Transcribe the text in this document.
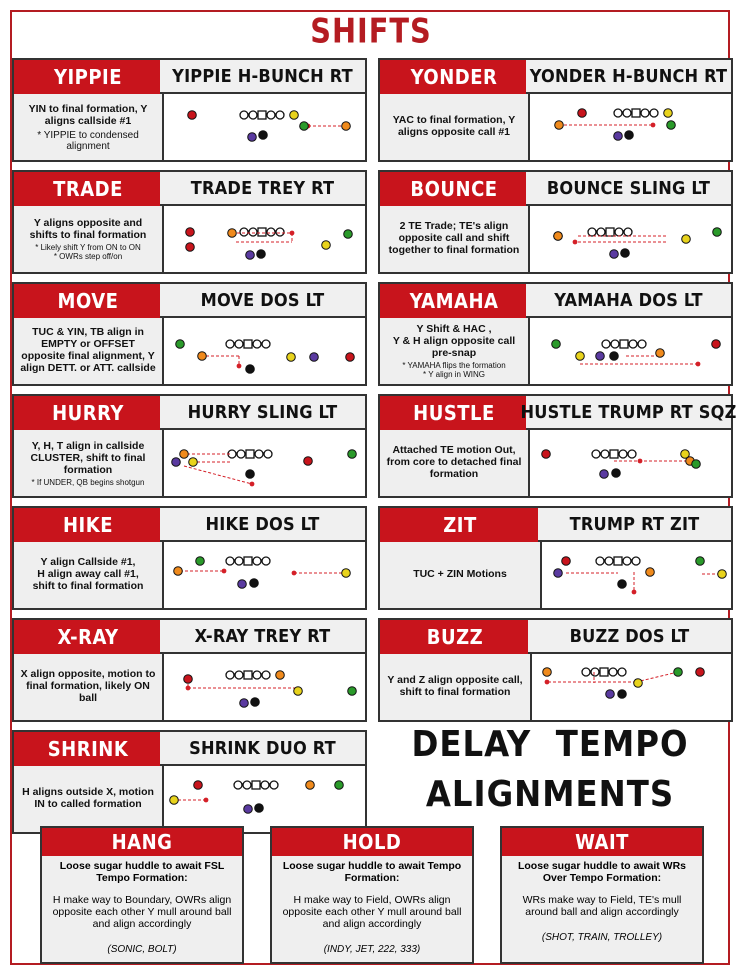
SHIFTS
YIPPIE	YIPPIE H-BUNCH RT
YIN to final formation, Y aligns callside #1
* YIPPIE to condensed alignment
YONDER	YONDER H-BUNCH RT
YAC to final formation, Y aligns opposite call #1
TRADE	TRADE TREY RT
Y aligns opposite and shifts to final formation
* Likely shift Y from ON to ON
* OWRs step off/on
BOUNCE	BOUNCE SLING LT
2 TE Trade; TE's align opposite call and shift together to final formation
MOVE	MOVE DOS LT
TUC & YIN, TB align in EMPTY or OFFSET opposite final alignment, Y align DETT. or ATT. callside
YAMAHA	YAMAHA DOS LT
Y Shift & HAC ,
Y & H align opposite call pre-snap
* YAMAHA flips the formation
* Y align in WING
HURRY	HURRY SLING LT
Y, H, T align in callside CLUSTER, shift to final formation
* If UNDER, QB begins shotgun
HUSTLE	HUSTLE TRUMP RT SQZ
Attached TE motion Out, from core to detached final formation
HIKE	HIKE DOS LT
Y align Callside #1,
H align away call #1,
shift to final formation
ZIT	TRUMP RT ZIT
TUC + ZIN Motions
X-RAY	X-RAY TREY RT
X align opposite, motion to final formation, likely ON ball
BUZZ	BUZZ DOS LT
Y and Z align opposite call, shift to final formation
SHRINK	SHRINK DUO RT
H aligns outside X, motion IN to called formation
DELAY  TEMPO
ALIGNMENTS
HANG
Loose sugar huddle to await FSL Tempo Formation:
H make way to Boundary, OWRs align opposite each other Y mull around ball and align accordingly
(SONIC, BOLT)
HOLD
Loose sugar huddle to await Tempo Formation:
H make way to Field, OWRs align opposite each other Y mull around ball and align accordingly
(INDY, JET, 222, 333)
WAIT
Loose sugar huddle to await WRs Over Tempo Formation:
WRs make way to Field, TE's mull around ball and align accordingly
(SHOT, TRAIN, TROLLEY)
